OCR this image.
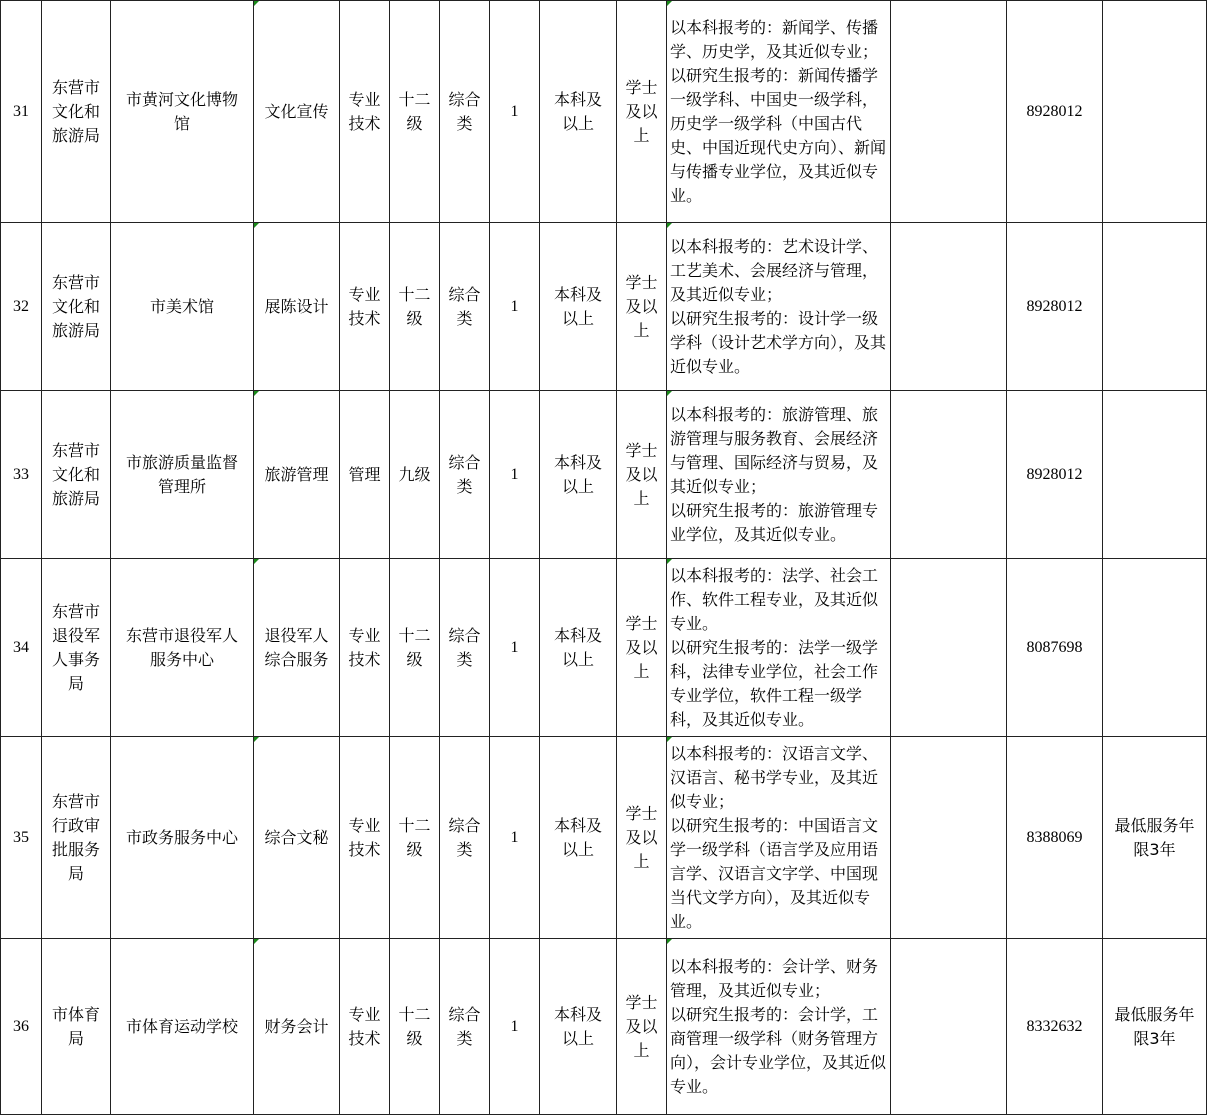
31	东营市文化和旅游局	市黄河文化博物馆	文化宣传	专业技术	十二级	综合类	1	本科及以上	学士及以上	以本科报考的：新闻学、传播学、历史学，及其近似专业；
以研究生报考的：新闻传播学一级学科、中国史一级学科，历史学一级学科（中国古代史、中国近现代史方向）、新闻与传播专业学位，及其近似专业。		8928012	

32	东营市文化和旅游局	市美术馆	展陈设计	专业技术	十二级	综合类	1	本科及以上	学士及以上	以本科报考的：艺术设计学、工艺美术、会展经济与管理，及其近似专业；
以研究生报考的：设计学一级学科（设计艺术学方向），及其近似专业。		8928012	

33	东营市文化和旅游局	市旅游质量监督管理所	旅游管理	管理	九级	综合类	1	本科及以上	学士及以上	以本科报考的：旅游管理、旅游管理与服务教育、会展经济与管理、国际经济与贸易，及其近似专业；
以研究生报考的：旅游管理专业学位，及其近似专业。		8928012	

34	东营市退役军人事务局	东营市退役军人服务中心	退役军人综合服务	专业技术	十二级	综合类	1	本科及以上	学士及以上	以本科报考的：法学、社会工作、软件工程专业，及其近似专业。
以研究生报考的：法学一级学科，法律专业学位，社会工作专业学位，软件工程一级学科，及其近似专业。		8087698	

35	东营市行政审批服务局	市政务服务中心	综合文秘	专业技术	十二级	综合类	1	本科及以上	学士及以上	以本科报考的：汉语言文学、汉语言、秘书学专业，及其近似专业；
以研究生报考的：中国语言文学一级学科（语言学及应用语言学、汉语言文字学、中国现当代文学方向），及其近似专业。		8388069	最低服务年限3年

36	市体育局	市体育运动学校	财务会计	专业技术	十二级	综合类	1	本科及以上	学士及以上	以本科报考的：会计学、财务管理，及其近似专业；
以研究生报考的：会计学，工商管理一级学科（财务管理方向），会计专业学位，及其近似专业。		8332632	最低服务年限3年
